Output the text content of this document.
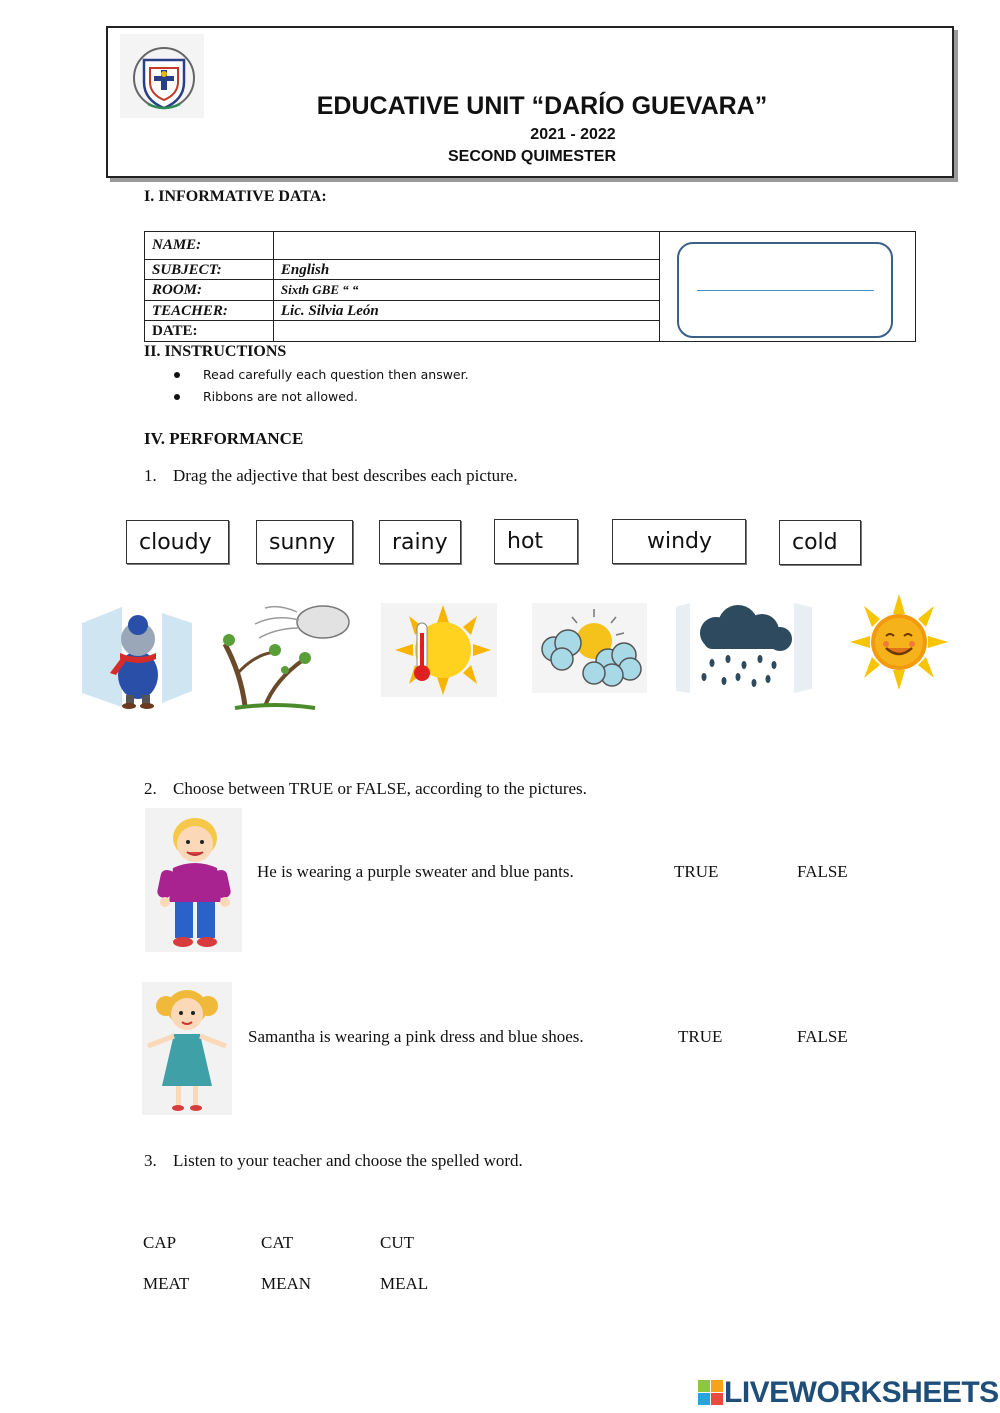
EDUCATIVE UNIT “DARÍO GUEVARA”
2021 - 2022
SECOND QUIMESTER
I. INFORMATIVE DATA:
NAME:		
SUBJECT:	English	
ROOM:	Sixth GBE “ “	
TEACHER:	Lic. Silvia León	
DATE:		
II. INSTRUCTIONS
Read carefully each question then answer.
Ribbons are not allowed.
IV. PERFORMANCE
1. Drag the adjective that best describes each picture.
cloudy	sunny	rainy	hot	windy	cold
2. Choose between TRUE or FALSE, according to the pictures.
He is wearing a purple sweater and blue pants.	TRUE	FALSE
Samantha is wearing a pink dress and blue shoes.	TRUE	FALSE
3. Listen to your teacher and choose the spelled word.
CAP	CAT	CUT
MEAT	MEAN	MEAL
LIVEWORKSHEETS
